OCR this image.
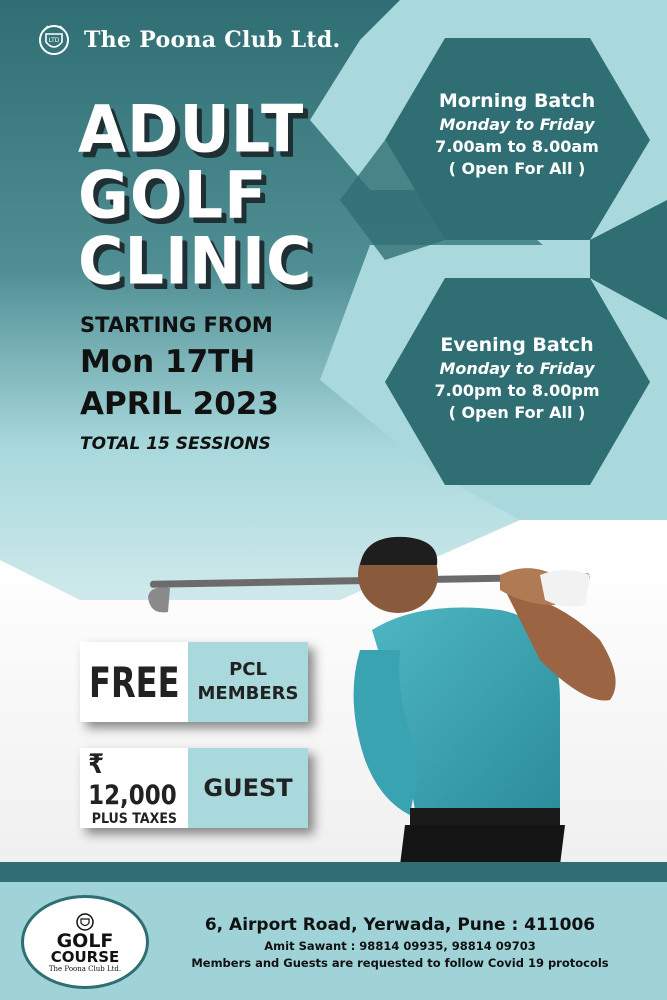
LTD The Poona Club Ltd.
ADULT
GOLF
CLINIC
STARTING FROM
Mon 17TH
APRIL 2023
TOTAL 15 SESSIONS
Morning Batch
Monday to Friday
7.00am to 8.00am
( Open For All )
Evening Batch
Monday to Friday
7.00pm to 8.00pm
( Open For All )
FREE	PCL
MEMBERS
₹ 12,000
PLUS TAXES
GUEST
GOLF
COURSE
The Poona Club Ltd.
6, Airport Road, Yerwada, Pune : 411006
Amit Sawant : 98814 09935, 98814 09703
Members and Guests are requested to follow Covid 19 protocols
